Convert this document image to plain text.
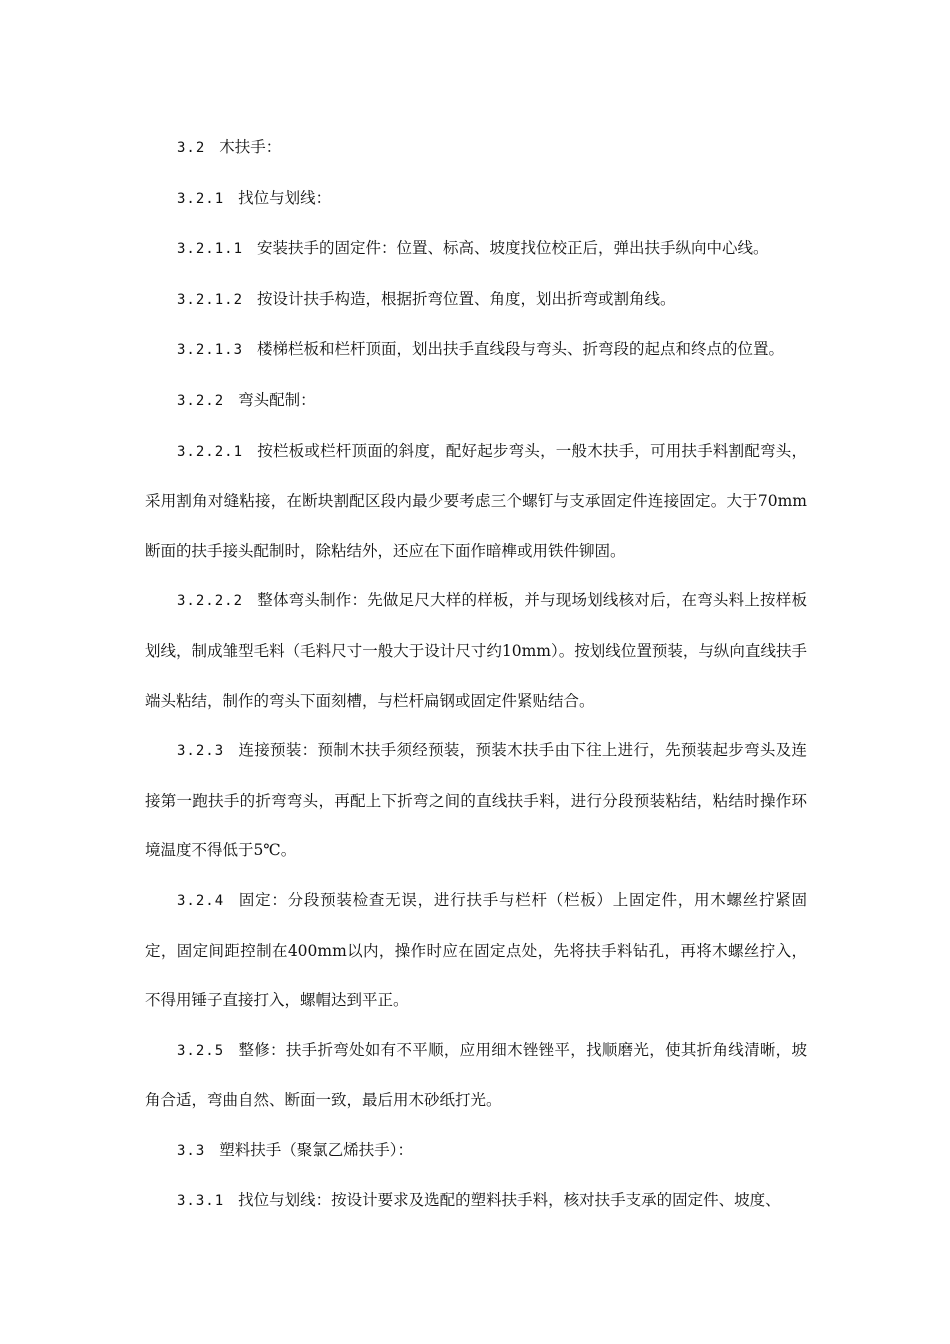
3.2 木扶手：

3.2.1 找位与划线：

3.2.1.1 安装扶手的固定件：位置、标高、坡度找位校正后，弹出扶手纵向中心线。

3.2.1.2 按设计扶手构造，根据折弯位置、角度，划出折弯或割角线。

3.2.1.3 楼梯栏板和栏杆顶面，划出扶手直线段与弯头、折弯段的起点和终点的位置。

3.2.2 弯头配制：

3.2.2.1 按栏板或栏杆顶面的斜度，配好起步弯头，一般木扶手，可用扶手料割配弯头，采用割角对缝粘接，在断块割配区段内最少要考虑三个螺钉与支承固定件连接固定。大于70mm断面的扶手接头配制时，除粘结外，还应在下面作暗榫或用铁件铆固。

3.2.2.2 整体弯头制作：先做足尺大样的样板，并与现场划线核对后，在弯头料上按样板划线，制成雏型毛料（毛料尺寸一般大于设计尺寸约10mm）。按划线位置预装，与纵向直线扶手端头粘结，制作的弯头下面刻槽，与栏杆扁钢或固定件紧贴结合。

3.2.3 连接预装：预制木扶手须经预装，预装木扶手由下往上进行，先预装起步弯头及连接第一跑扶手的折弯弯头，再配上下折弯之间的直线扶手料，进行分段预装粘结，粘结时操作环境温度不得低于5℃。

3.2.4 固定：分段预装检查无误，进行扶手与栏杆（栏板）上固定件，用木螺丝拧紧固定，固定间距控制在400mm以内，操作时应在固定点处，先将扶手料钻孔，再将木螺丝拧入，不得用锤子直接打入，螺帽达到平正。

3.2.5 整修：扶手折弯处如有不平顺，应用细木锉锉平，找顺磨光，使其折角线清晰，坡角合适，弯曲自然、断面一致，最后用木砂纸打光。

3.3 塑料扶手（聚氯乙烯扶手）：

3.3.1 找位与划线：按设计要求及选配的塑料扶手料，核对扶手支承的固定件、坡度、
